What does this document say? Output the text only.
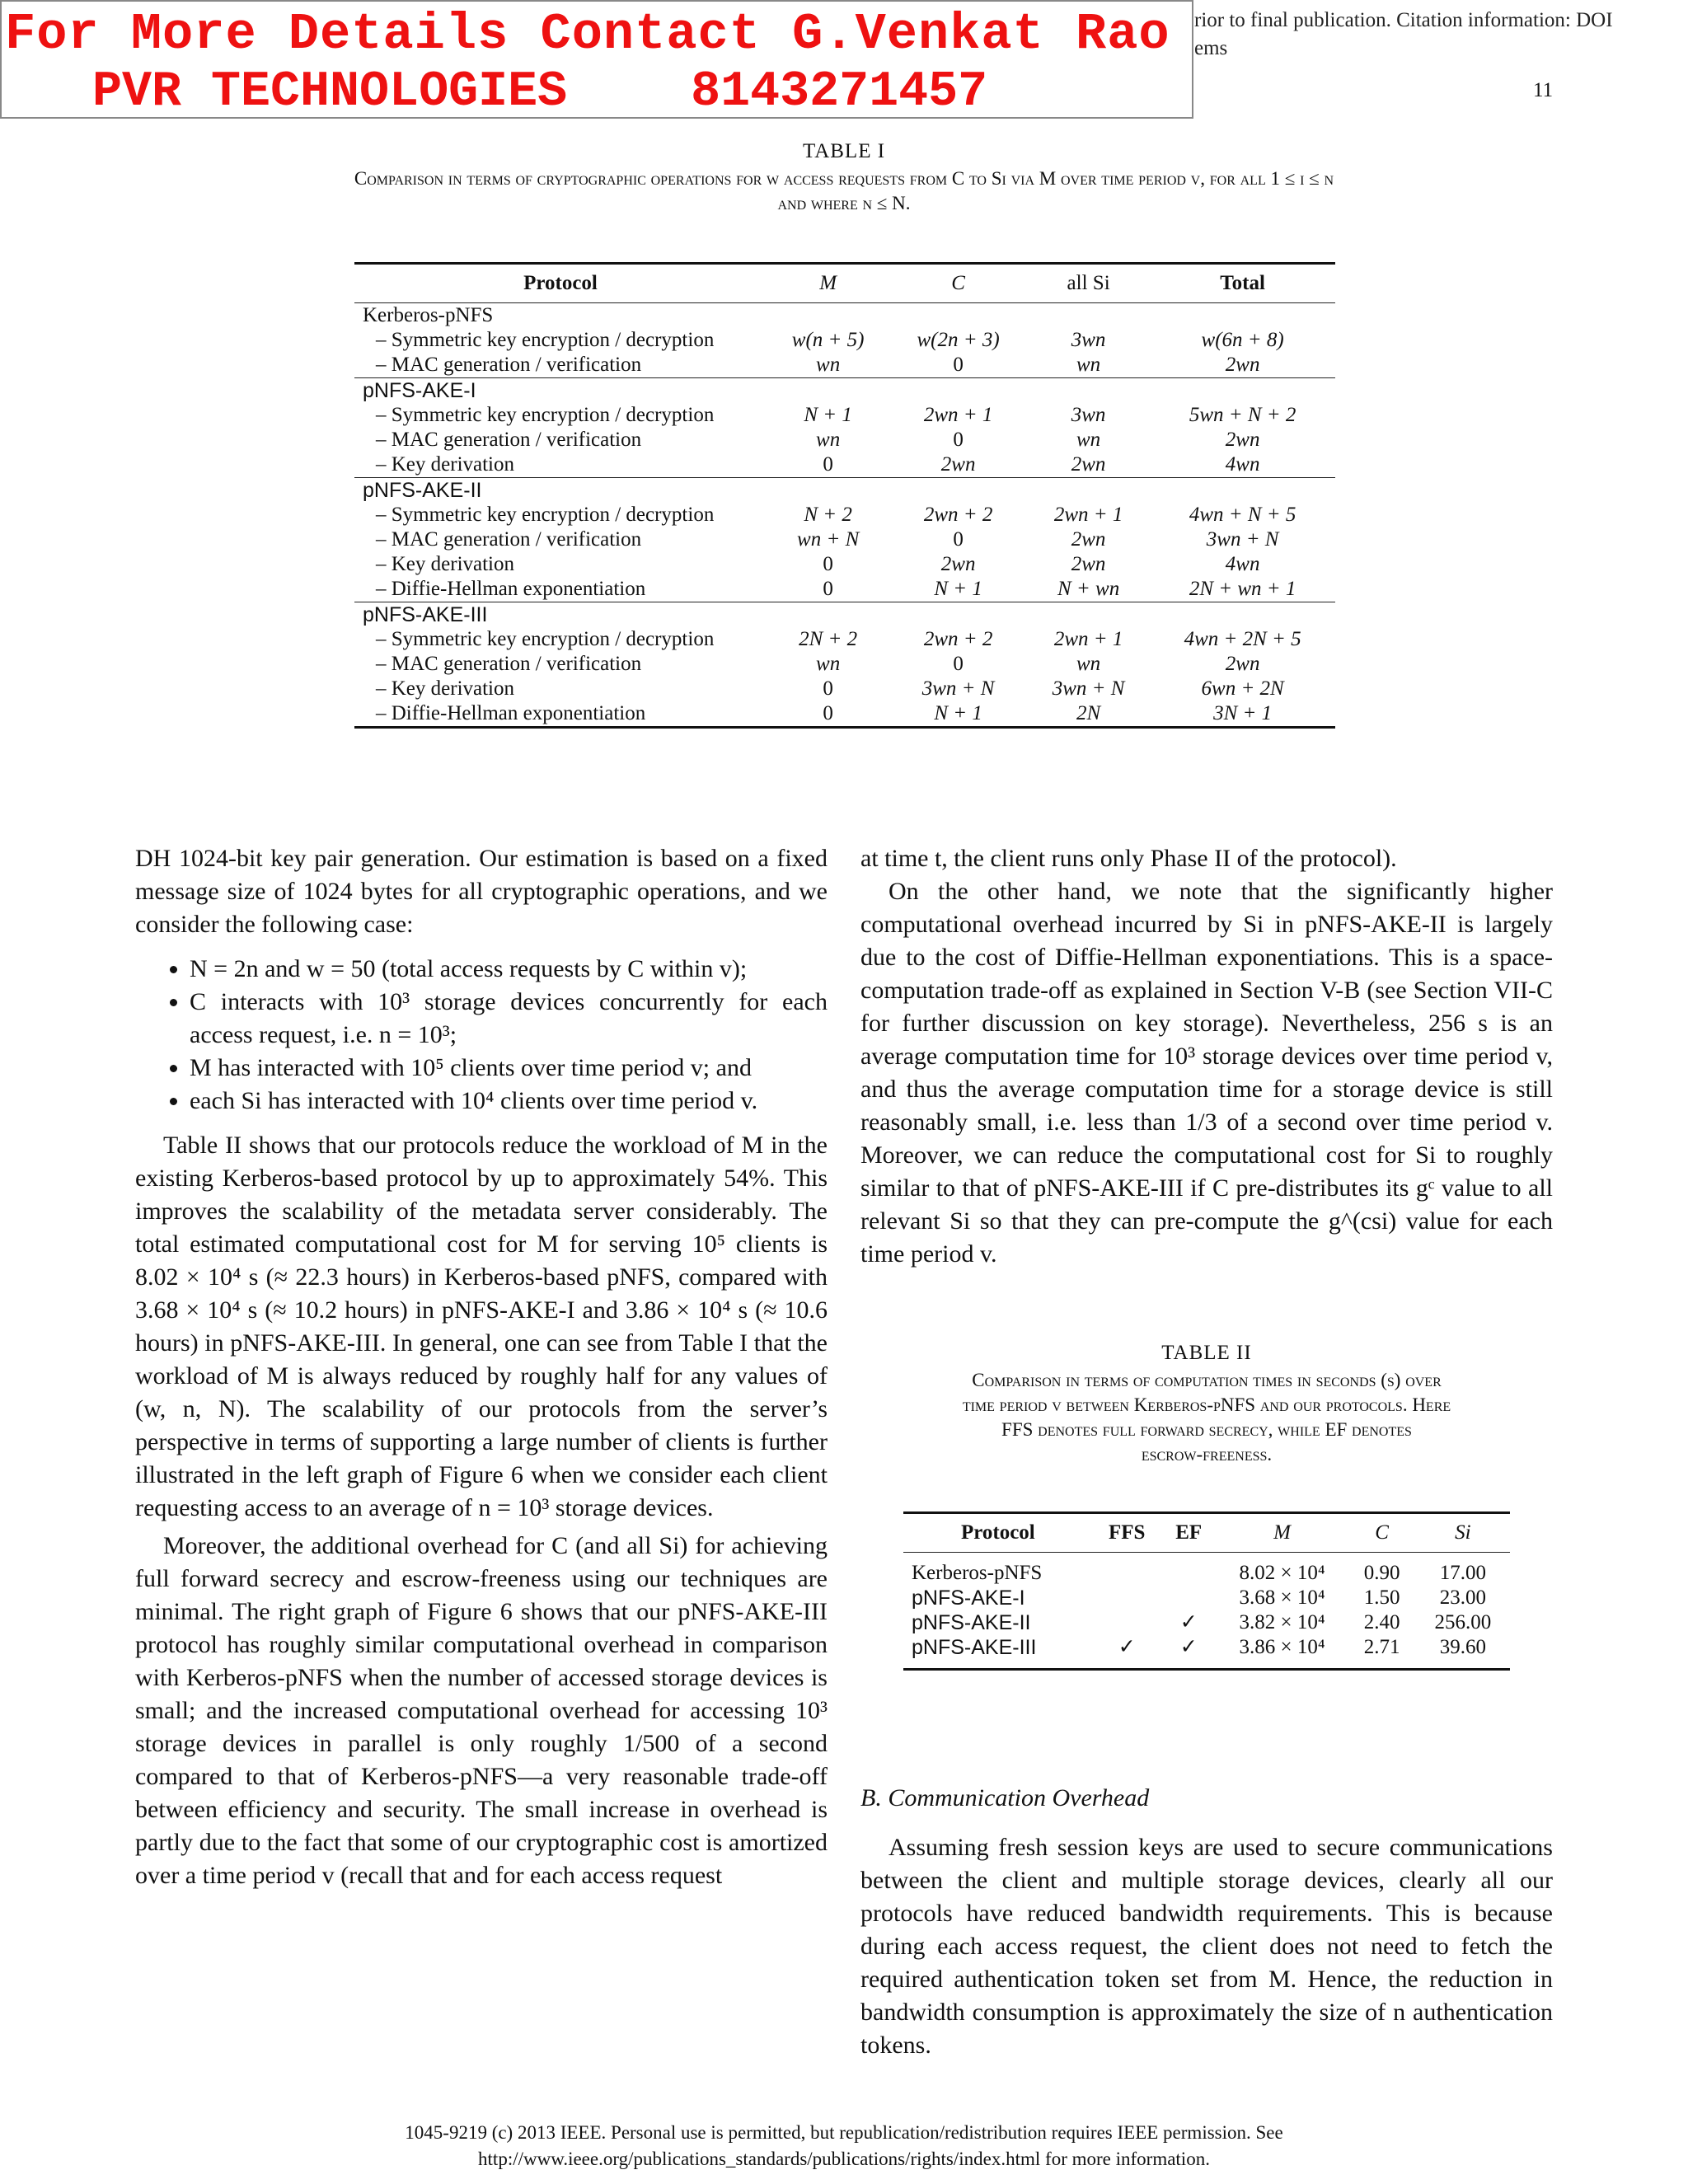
For More Details Contact G.Venkat Rao
PVR TECHNOLOGIES	8143271457
rior to final publication. Citation information: DOI
ems
11
TABLE I
Comparison in terms of cryptographic operations for w access requests from C to Si via M over time period v, for all 1 ≤ i ≤ n
and where n ≤ N.
Protocol	M	C	all Si	Total
Kerberos-pNFS				
– Symmetric key encryption / decryption	w(n + 5)	w(2n + 3)	3wn	w(6n + 8)
– MAC generation / verification	wn	0	wn	2wn
pNFS-AKE-I				
– Symmetric key encryption / decryption	N + 1	2wn + 1	3wn	5wn + N + 2
– MAC generation / verification	wn	0	wn	2wn
– Key derivation	0	2wn	2wn	4wn
pNFS-AKE-II				
– Symmetric key encryption / decryption	N + 2	2wn + 2	2wn + 1	4wn + N + 5
– MAC generation / verification	wn + N	0	2wn	3wn + N
– Key derivation	0	2wn	2wn	4wn
– Diffie-Hellman exponentiation	0	N + 1	N + wn	2N + wn + 1
pNFS-AKE-III				
– Symmetric key encryption / decryption	2N + 2	2wn + 2	2wn + 1	4wn + 2N + 5
– MAC generation / verification	wn	0	wn	2wn
– Key derivation	0	3wn + N	3wn + N	6wn + 2N
– Diffie-Hellman exponentiation	0	N + 1	2N	3N + 1

DH 1024-bit key pair generation. Our estimation is based on a fixed message size of 1024 bytes for all cryptographic operations, and we consider the following case:

• N = 2n and w = 50 (total access requests by C within v);
• C interacts with 10³ storage devices concurrently for each access request, i.e. n = 10³;
• M has interacted with 10⁵ clients over time period v; and
• each Si has interacted with 10⁴ clients over time period v.

Table II shows that our protocols reduce the workload of M in the existing Kerberos-based protocol by up to approximately 54%. This improves the scalability of the metadata server considerably. The total estimated computational cost for M for serving 10⁵ clients is 8.02 × 10⁴ s (≈ 22.3 hours) in Kerberos-based pNFS, compared with 3.68 × 10⁴ s (≈ 10.2 hours) in pNFS-AKE-I and 3.86 × 10⁴ s (≈ 10.6 hours) in pNFS-AKE-III. In general, one can see from Table I that the workload of M is always reduced by roughly half for any values of (w, n, N). The scalability of our protocols from the server’s perspective in terms of supporting a large number of clients is further illustrated in the left graph of Figure 6 when we consider each client requesting access to an average of n = 10³ storage devices.

Moreover, the additional overhead for C (and all Si) for achieving full forward secrecy and escrow-freeness using our techniques are minimal. The right graph of Figure 6 shows that our pNFS-AKE-III protocol has roughly similar computational overhead in comparison with Kerberos-pNFS when the number of accessed storage devices is small; and the increased computational overhead for accessing 10³ storage devices in parallel is only roughly 1/500 of a second compared to that of Kerberos-pNFS—a very reasonable trade-off between efficiency and security. The small increase in overhead is partly due to the fact that some of our cryptographic cost is amortized over a time period v (recall that and for each access request

at time t, the client runs only Phase II of the protocol).

On the other hand, we note that the significantly higher computational overhead incurred by Si in pNFS-AKE-II is largely due to the cost of Diffie-Hellman exponentiations. This is a space-computation trade-off as explained in Section V-B (see Section VII-C for further discussion on key storage). Nevertheless, 256 s is an average computation time for 10³ storage devices over time period v, and thus the average computation time for a storage device is still reasonably small, i.e. less than 1/3 of a second over time period v. Moreover, we can reduce the computational cost for Si to roughly similar to that of pNFS-AKE-III if C pre-distributes its gᶜ value to all relevant Si so that they can pre-compute the g^(csi) value for each time period v.

TABLE II
Comparison in terms of computation times in seconds (s) over
time period v between Kerberos-pNFS and our protocols. Here
FFS denotes full forward secrecy, while EF denotes
escrow-freeness.
Protocol	FFS	EF	M	C	Si
Kerberos-pNFS			8.02 × 10⁴	0.90	17.00
pNFS-AKE-I			3.68 × 10⁴	1.50	23.00
pNFS-AKE-II		✓	3.82 × 10⁴	2.40	256.00
pNFS-AKE-III	✓	✓	3.86 × 10⁴	2.71	39.60

B. Communication Overhead

Assuming fresh session keys are used to secure communications between the client and multiple storage devices, clearly all our protocols have reduced bandwidth requirements. This is because during each access request, the client does not need to fetch the required authentication token set from M. Hence, the reduction in bandwidth consumption is approximately the size of n authentication tokens.

1045-9219 (c) 2013 IEEE. Personal use is permitted, but republication/redistribution requires IEEE permission. See
http://www.ieee.org/publications_standards/publications/rights/index.html for more information.
